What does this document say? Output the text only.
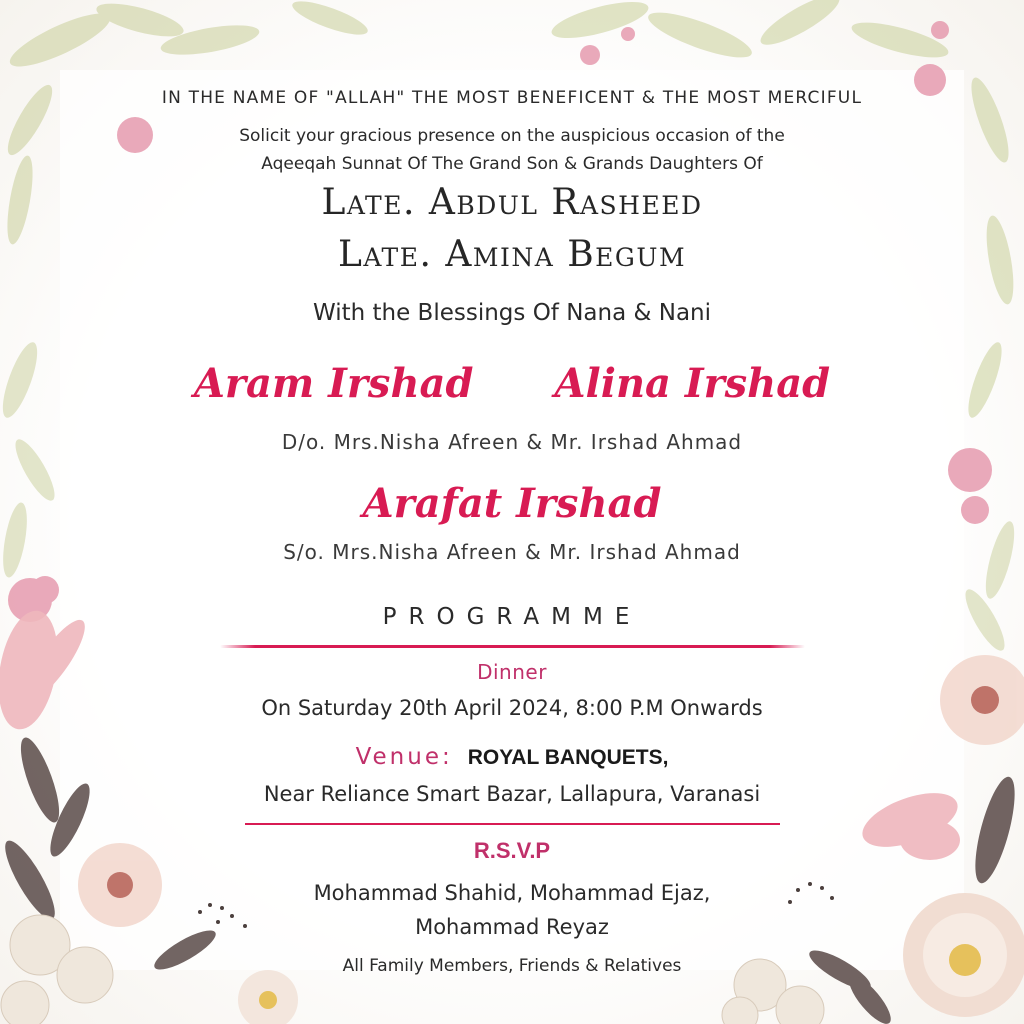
IN THE NAME OF "ALLAH" THE MOST BENEFICENT & THE MOST MERCIFUL
Solicit your gracious presence on the auspicious occasion of the
Aqeeqah Sunnat Of The Grand Son & Grands Daughters Of
Late. Abdul Rasheed
Late. Amina Begum
With the Blessings Of Nana & Nani
Aram Irshad Alina Irshad
D/o. Mrs.Nisha Afreen & Mr. Irshad Ahmad
Arafat Irshad
S/o. Mrs.Nisha Afreen & Mr. Irshad Ahmad
PROGRAMME
Dinner
On Saturday 20th April 2024, 8:00 P.M Onwards
Venue: ROYAL BANQUETS,
Near Reliance Smart Bazar, Lallapura, Varanasi
R.S.V.P
Mohammad Shahid, Mohammad Ejaz,
Mohammad Reyaz
All Family Members, Friends & Relatives
